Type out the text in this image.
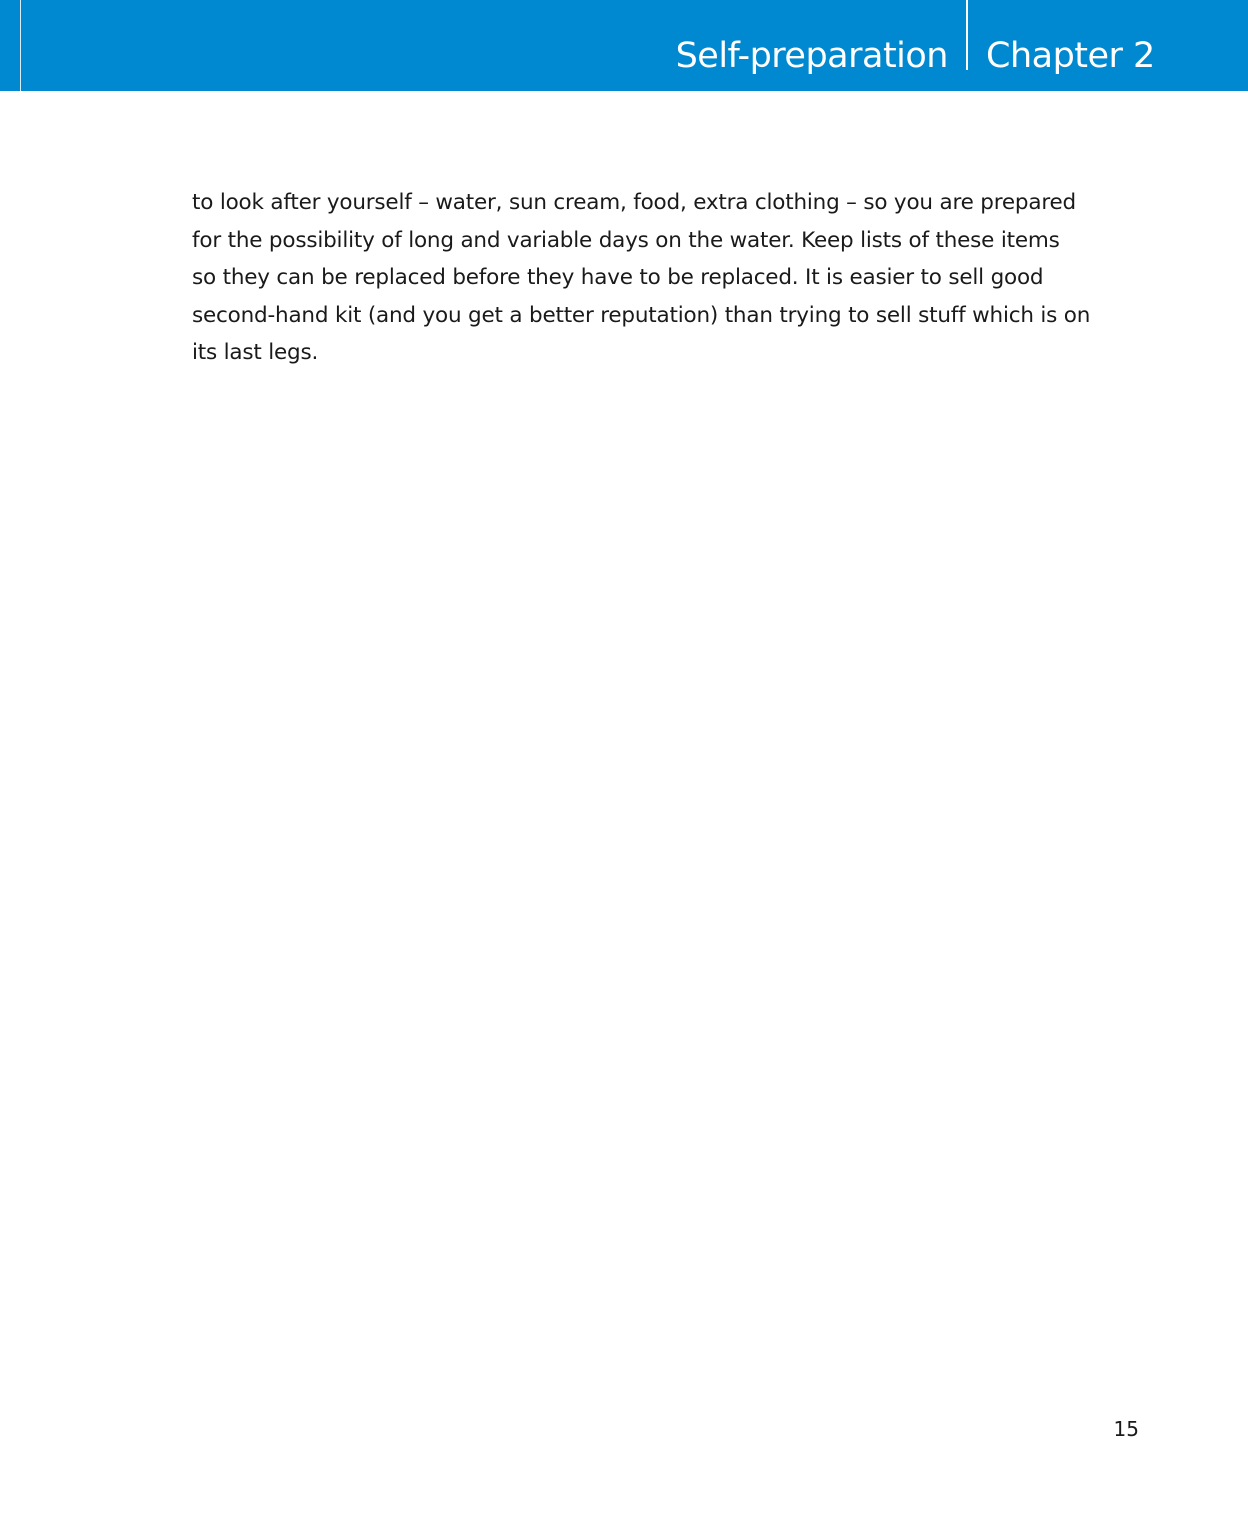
Self-preparation Chapter 2

to look after yourself – water, sun cream, food, extra clothing – so you are prepared
for the possibility of long and variable days on the water. Keep lists of these items
so they can be replaced before they have to be replaced. It is easier to sell good
second-hand kit (and you get a better reputation) than trying to sell stuff which is on
its last legs.

15
